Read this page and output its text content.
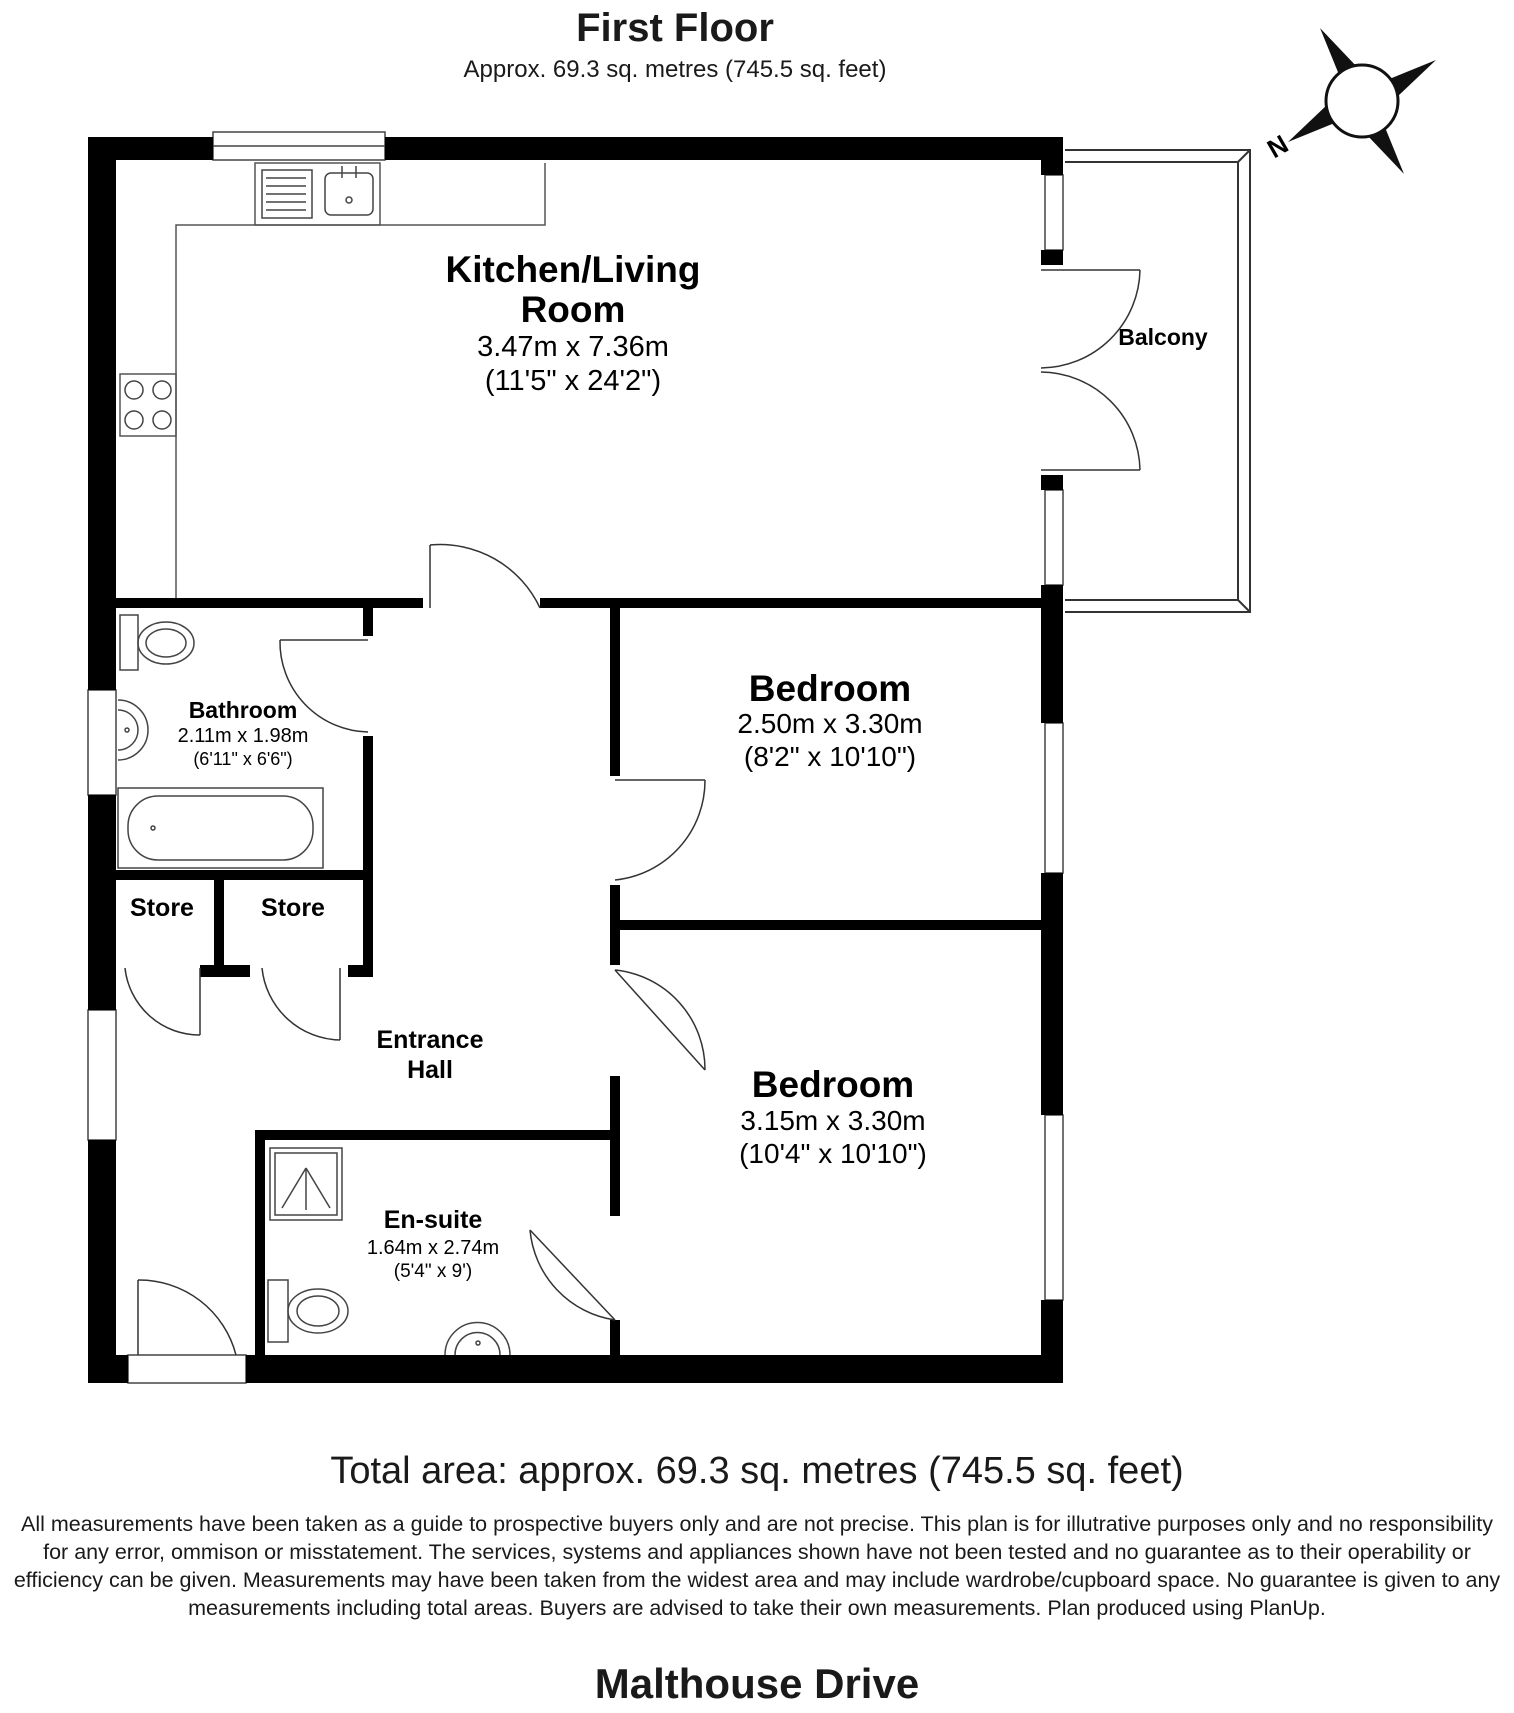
First Floor

Approx. 69.3 sq. metres (745.5 sq. feet)

N
Kitchen/Living
Room
3.47m x 7.36m
(11'5" x 24'2")
Balcony
Bathroom
2.11m x 1.98m
(6'11" x 6'6")
Bedroom
2.50m x 3.30m
(8'2" x 10'10")
Store	Store
Entrance
Hall	Bedroom
3.15m x 3.30m
(10'4" x 10'10")
En-suite
1.64m x 2.74m
(5'4" x 9')

Total area: approx. 69.3 sq. metres (745.5 sq. feet)

All measurements have been taken as a guide to prospective buyers only and are not precise. This plan is for illutrative purposes only and no responsibility for any error, ommison or misstatement. The services, systems and appliances shown have not been tested and no guarantee as to their operability or efficiency can be given. Measurements may have been taken from the widest area and may include wardrobe/cupboard space. No guarantee is given to any measurements including total areas. Buyers are advised to take their own measurements. Plan produced using PlanUp.

Malthouse Drive
